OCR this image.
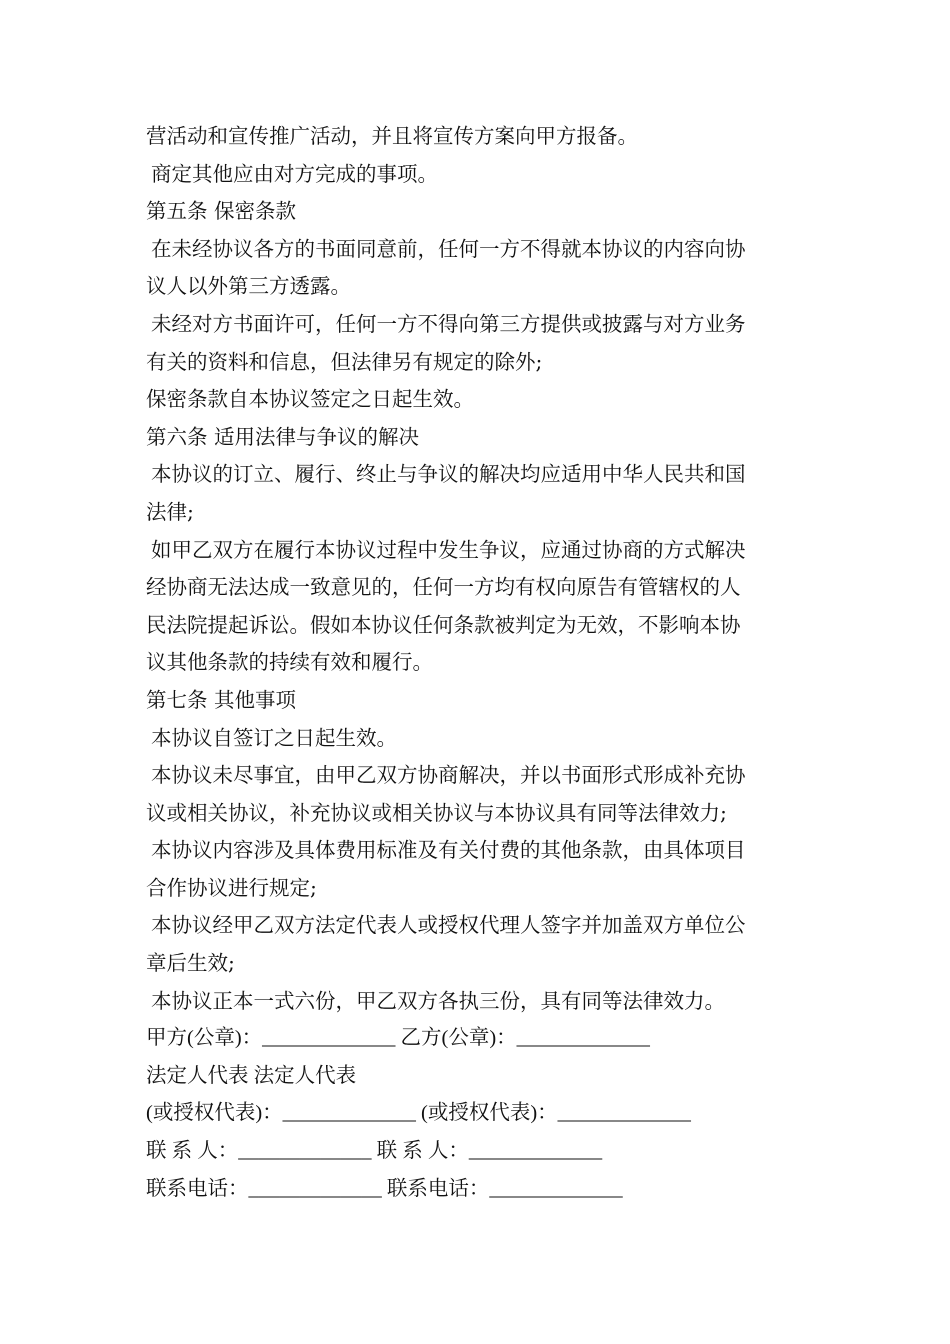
营活动和宣传推广活动，并且将宣传方案向甲方报备。
商定其他应由对方完成的事项。
第五条 保密条款
在未经协议各方的书面同意前，任何一方不得就本协议的内容向协
议人以外第三方透露。
未经对方书面许可，任何一方不得向第三方提供或披露与对方业务
有关的资料和信息，但法律另有规定的除外;
保密条款自本协议签定之日起生效。
第六条 适用法律与争议的解决
本协议的订立、履行、终止与争议的解决均应适用中华人民共和国
法律;
如甲乙双方在履行本协议过程中发生争议，应通过协商的方式解决
经协商无法达成一致意见的，任何一方均有权向原告有管辖权的人
民法院提起诉讼。假如本协议任何条款被判定为无效，不影响本协
议其他条款的持续有效和履行。
第七条 其他事项
本协议自签订之日起生效。
本协议未尽事宜，由甲乙双方协商解决，并以书面形式形成补充协
议或相关协议，补充协议或相关协议与本协议具有同等法律效力;
本协议内容涉及具体费用标准及有关付费的其他条款，由具体项目
合作协议进行规定;
本协议经甲乙双方法定代表人或授权代理人签字并加盖双方单位公
章后生效;
本协议正本一式六份，甲乙双方各执三份，具有同等法律效力。
甲方(公章)：_____________ 乙方(公章)：_____________
法定人代表 法定人代表
(或授权代表)：_____________ (或授权代表)：_____________
联 系 人：_____________ 联 系 人：_____________
联系电话：_____________ 联系电话：_____________
